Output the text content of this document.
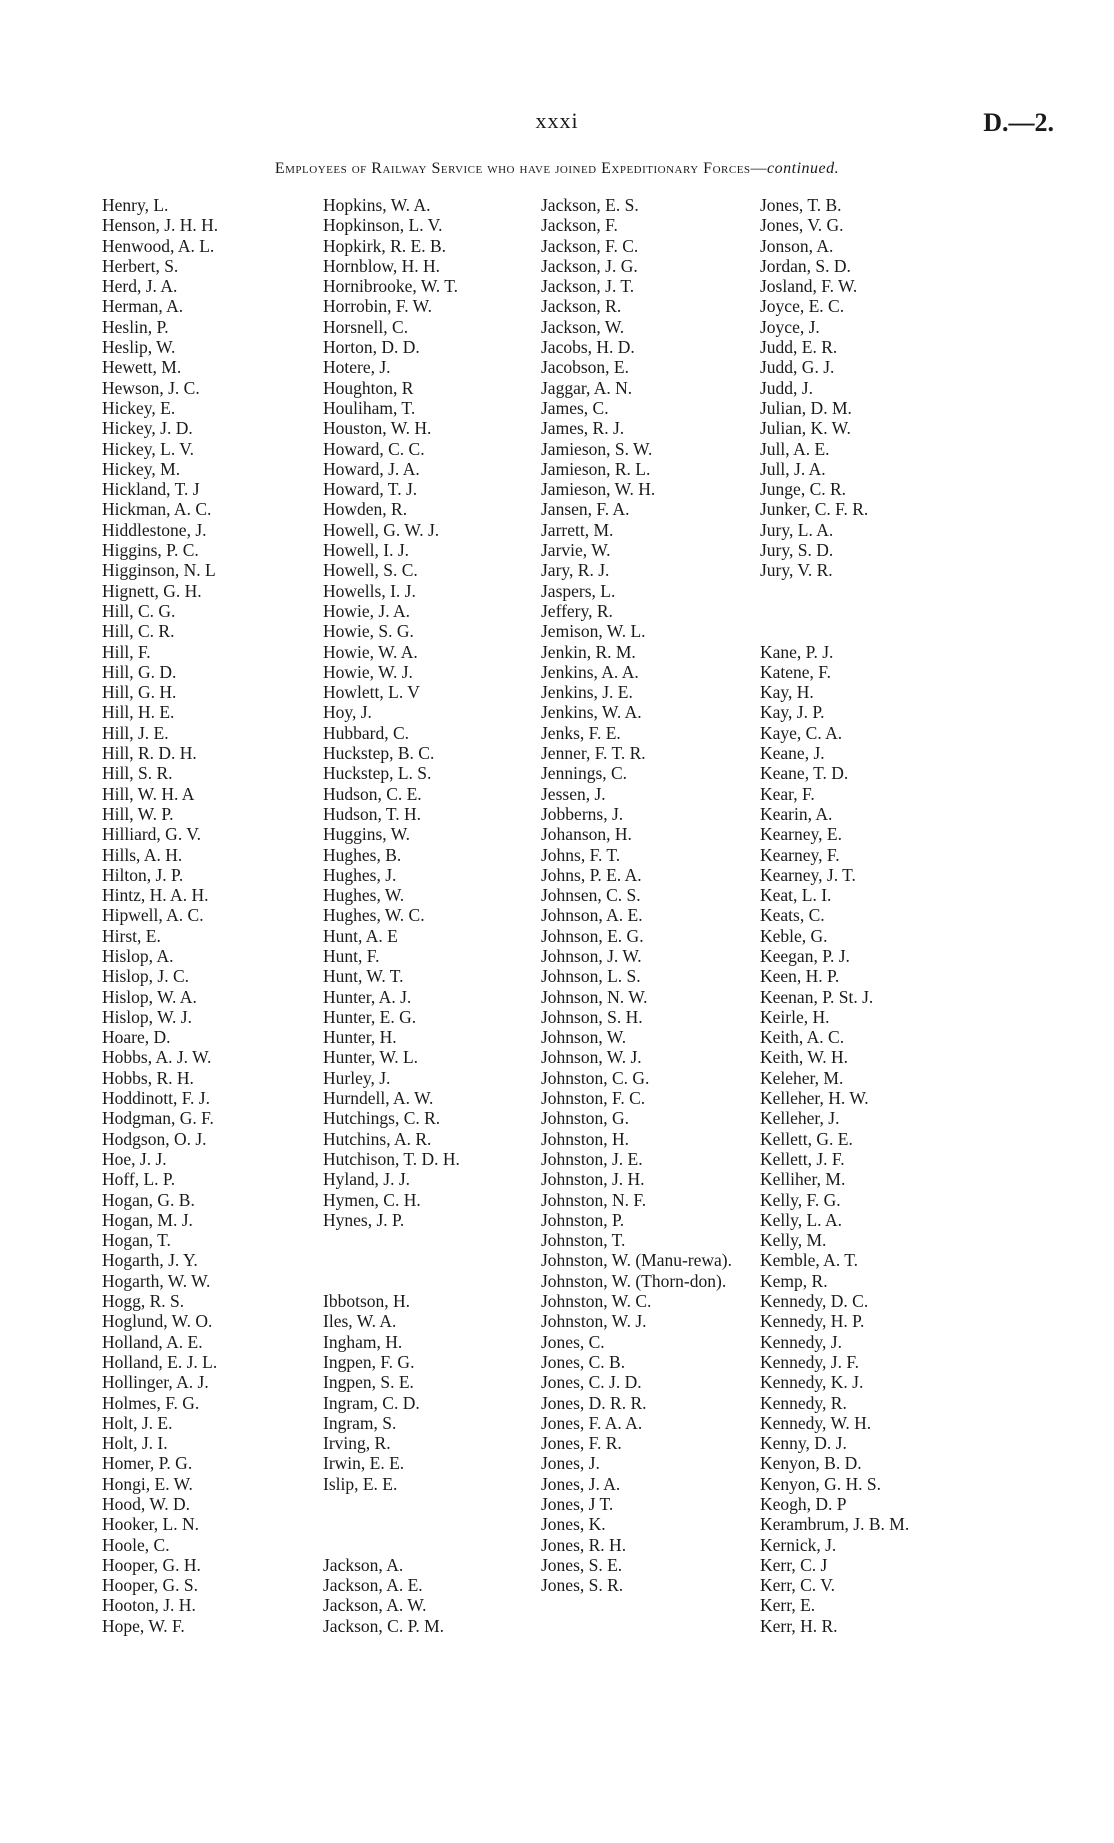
xxxi	D.—2.
Employees of Railway Service who have joined Expeditionary Forces—continued.
Henry, L.
Henson, J. H. H.
Henwood, A. L.
Herbert, S.
Herd, J. A.
Herman, A.
Heslin, P.
Heslip, W.
Hewett, M.
Hewson, J. C.
Hickey, E.
Hickey, J. D.
Hickey, L. V.
Hickey, M.
Hickland, T. J
Hickman, A. C.
Hiddlestone, J.
Higgins, P. C.
Higginson, N. L
Hignett, G. H.
Hill, C. G.
Hill, C. R.
Hill, F.
Hill, G. D.
Hill, G. H.
Hill, H. E.
Hill, J. E.
Hill, R. D. H.
Hill, S. R.
Hill, W. H. A
Hill, W. P.
Hilliard, G. V.
Hills, A. H.
Hilton, J. P.
Hintz, H. A. H.
Hipwell, A. C.
Hirst, E.
Hislop, A.
Hislop, J. C.
Hislop, W. A.
Hislop, W. J.
Hoare, D.
Hobbs, A. J. W.
Hobbs, R. H.
Hoddinott, F. J.
Hodgman, G. F.
Hodgson, O. J.
Hoe, J. J.
Hoff, L. P.
Hogan, G. B.
Hogan, M. J.
Hogan, T.
Hogarth, J. Y.
Hogarth, W. W.
Hogg, R. S.
Hoglund, W. O.
Holland, A. E.
Holland, E. J. L.
Hollinger, A. J.
Holmes, F. G.
Holt, J. E.
Holt, J. I.
Homer, P. G.
Hongi, E. W.
Hood, W. D.
Hooker, L. N.
Hoole, C.
Hooper, G. H.
Hooper, G. S.
Hooton, J. H.
Hope, W. F.
Hopkins, W. A.
Hopkinson, L. V.
Hopkirk, R. E. B.
Hornblow, H. H.
Hornibrooke, W. T.
Horrobin, F. W.
Horsnell, C.
Horton, D. D.
Hotere, J.
Houghton, R
Houliham, T.
Houston, W. H.
Howard, C. C.
Howard, J. A.
Howard, T. J.
Howden, R.
Howell, G. W. J.
Howell, I. J.
Howell, S. C.
Howells, I. J.
Howie, J. A.
Howie, S. G.
Howie, W. A.
Howie, W. J.
Howlett, L. V
Hoy, J.
Hubbard, C.
Huckstep, B. C.
Huckstep, L. S.
Hudson, C. E.
Hudson, T. H.
Huggins, W.
Hughes, B.
Hughes, J.
Hughes, W.
Hughes, W. C.
Hunt, A. E
Hunt, F.
Hunt, W. T.
Hunter, A. J.
Hunter, E. G.
Hunter, H.
Hunter, W. L.
Hurley, J.
Hurndell, A. W.
Hutchings, C. R.
Hutchins, A. R.
Hutchison, T. D. H.
Hyland, J. J.
Hymen, C. H.
Hynes, J. P.
Ibbotson, H.
Iles, W. A.
Ingham, H.
Ingpen, F. G.
Ingpen, S. E.
Ingram, C. D.
Ingram, S.
Irving, R.
Irwin, E. E.
Islip, E. E.
Jackson, A.
Jackson, A. E.
Jackson, A. W.
Jackson, C. P. M.
Jackson, E. S.
Jackson, F.
Jackson, F. C.
Jackson, J. G.
Jackson, J. T.
Jackson, R.
Jackson, W.
Jacobs, H. D.
Jacobson, E.
Jaggar, A. N.
James, C.
James, R. J.
Jamieson, S. W.
Jamieson, R. L.
Jamieson, W. H.
Jansen, F. A.
Jarrett, M.
Jarvie, W.
Jary, R. J.
Jaspers, L.
Jeffery, R.
Jemison, W. L.
Jenkin, R. M.
Jenkins, A. A.
Jenkins, J. E.
Jenkins, W. A.
Jenks, F. E.
Jenner, F. T. R.
Jennings, C.
Jessen, J.
Jobberns, J.
Johanson, H.
Johns, F. T.
Johns, P. E. A.
Johnsen, C. S.
Johnson, A. E.
Johnson, E. G.
Johnson, J. W.
Johnson, L. S.
Johnson, N. W.
Johnson, S. H.
Johnson, W.
Johnson, W. J.
Johnston, C. G.
Johnston, F. C.
Johnston, G.
Johnston, H.
Johnston, J. E.
Johnston, J. H.
Johnston, N. F.
Johnston, P.
Johnston, T.
Johnston, W. (Manu-rewa).
Johnston, W. (Thorn-don).
Johnston, W. C.
Johnston, W. J.
Jones, C.
Jones, C. B.
Jones, C. J. D.
Jones, D. R. R.
Jones, F. A. A.
Jones, F. R.
Jones, J.
Jones, J. A.
Jones, J T.
Jones, K.
Jones, R. H.
Jones, S. E.
Jones, S. R.
Jones, T. B.
Jones, V. G.
Jonson, A.
Jordan, S. D.
Josland, F. W.
Joyce, E. C.
Joyce, J.
Judd, E. R.
Judd, G. J.
Judd, J.
Julian, D. M.
Julian, K. W.
Jull, A. E.
Jull, J. A.
Junge, C. R.
Junker, C. F. R.
Jury, L. A.
Jury, S. D.
Jury, V. R.
Kane, P. J.
Katene, F.
Kay, H.
Kay, J. P.
Kaye, C. A.
Keane, J.
Keane, T. D.
Kear, F.
Kearin, A.
Kearney, E.
Kearney, F.
Kearney, J. T.
Keat, L. I.
Keats, C.
Keble, G.
Keegan, P. J.
Keen, H. P.
Keenan, P. St. J.
Keirle, H.
Keith, A. C.
Keith, W. H.
Keleher, M.
Kelleher, H. W.
Kelleher, J.
Kellett, G. E.
Kellett, J. F.
Kelliher, M.
Kelly, F. G.
Kelly, L. A.
Kelly, M.
Kemble, A. T.
Kemp, R.
Kennedy, D. C.
Kennedy, H. P.
Kennedy, J.
Kennedy, J. F.
Kennedy, K. J.
Kennedy, R.
Kennedy, W. H.
Kenny, D. J.
Kenyon, B. D.
Kenyon, G. H. S.
Keogh, D. P
Kerambrum, J. B. M.
Kernick, J.
Kerr, C. J
Kerr, C. V.
Kerr, E.
Kerr, H. R.
